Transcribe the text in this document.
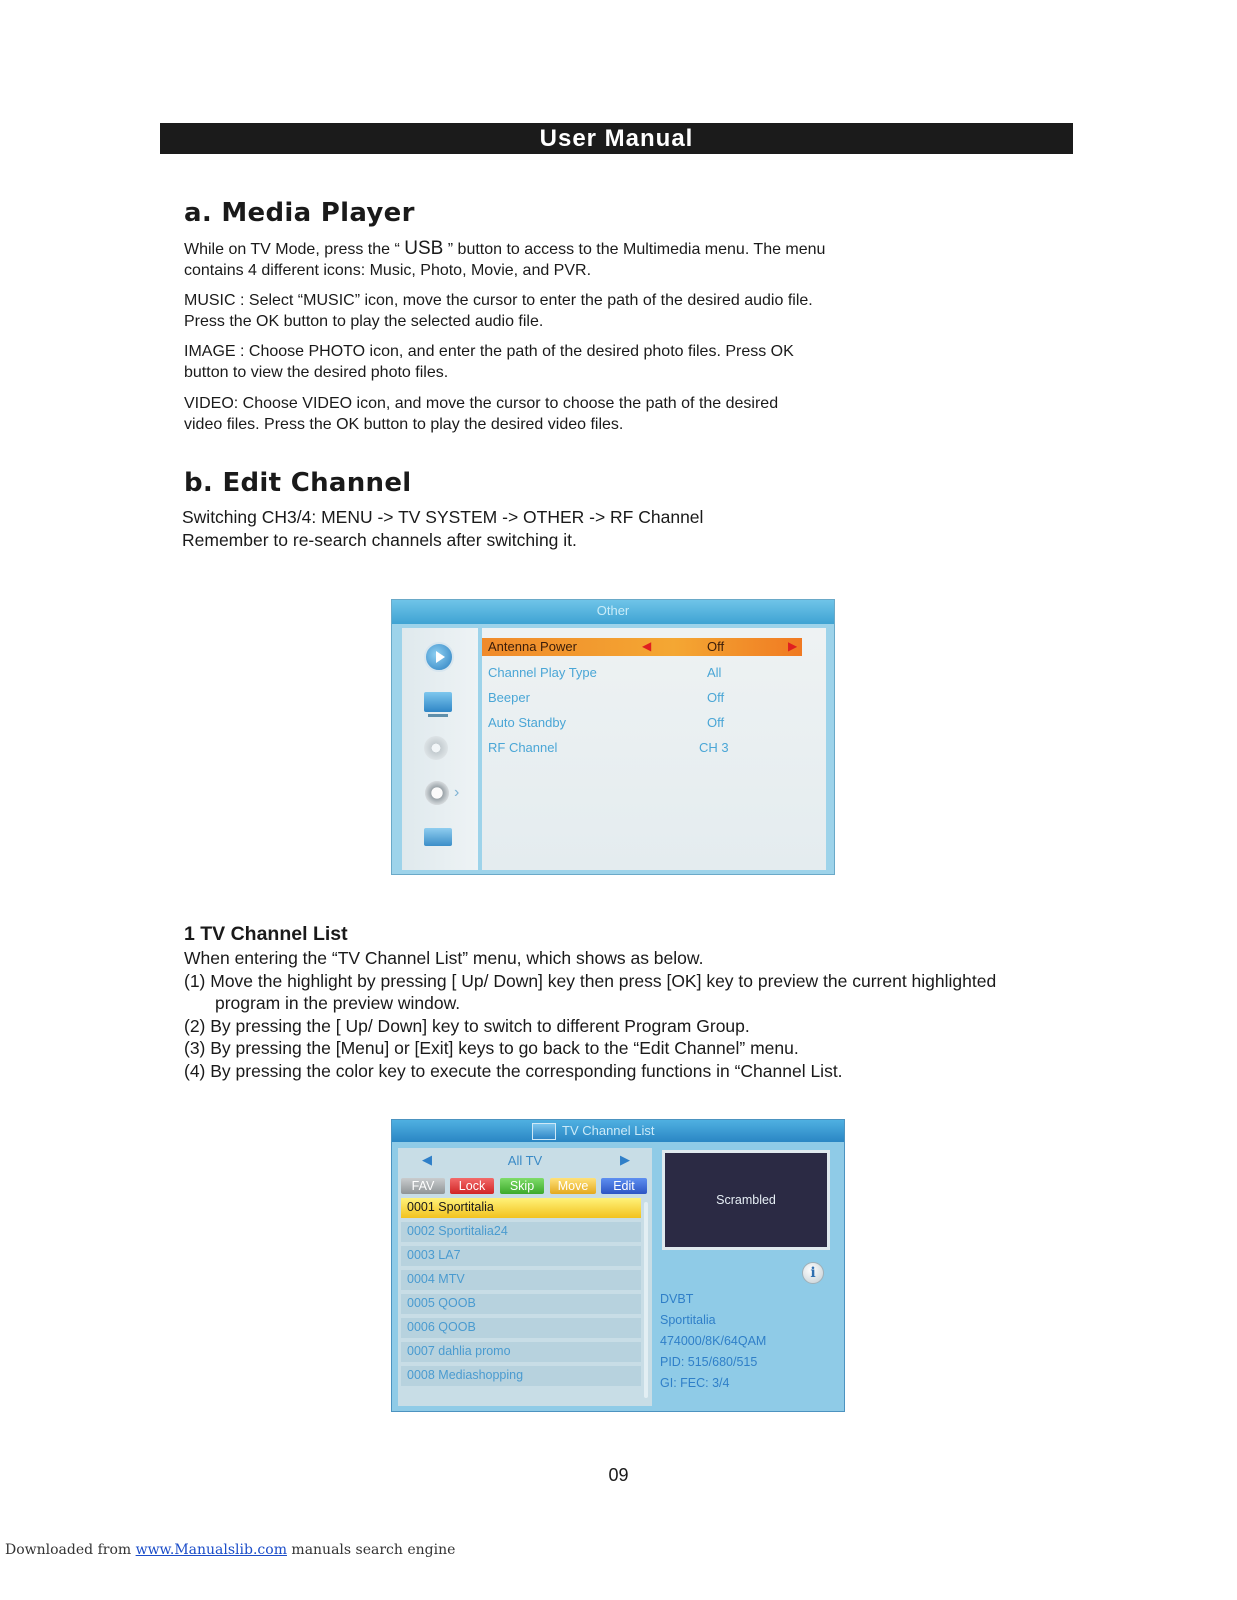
User Manual
a. Media Player
While on TV Mode, press the “ USB ” button to access to the Multimedia menu. The menu
contains 4 different icons: Music, Photo, Movie, and PVR.
MUSIC : Select “MUSIC” icon, move the cursor to enter the path of the desired audio file.
Press the OK button to play the selected audio file.
IMAGE : Choose PHOTO icon, and enter the path of the desired photo files. Press OK
button to view the desired photo files.
VIDEO: Choose VIDEO icon, and move the cursor to choose the path of the desired
video files. Press the OK button to play the desired video files.
b. Edit Channel
Switching CH3/4: MENU -> TV SYSTEM -> OTHER -> RF Channel
Remember to re-search channels after switching it.
Other
›
Antenna Power	◀	Off	▶
Channel Play Type	All
Beeper	Off
Auto Standby	Off
RF Channel	CH 3
1 TV Channel List
When entering the “TV Channel List” menu, which shows as below.
(1) Move the highlight by pressing [ Up/ Down] key then press [OK] key to preview the current highlighted
program in the preview window.
(2) By pressing the [ Up/ Down] key to switch to different Program Group.
(3) By pressing the [Menu] or [Exit] keys to go back to the “Edit Channel” menu.
(4) By pressing the color key to execute the corresponding functions in “Channel List.
TV Channel List
◀	All TV	▶
FAV	Lock	Skip	Move	Edit
0001 Sportitalia
0002 Sportitalia24
0003 LA7
0004 MTV
0005 QOOB
0006 QOOB
0007 dahlia promo
0008 Mediashopping
Scrambled
i
DVBT
Sportitalia
474000/8K/64QAM
PID: 515/680/515
GI: FEC: 3/4
09
Downloaded from www.Manualslib.com manuals search engine
